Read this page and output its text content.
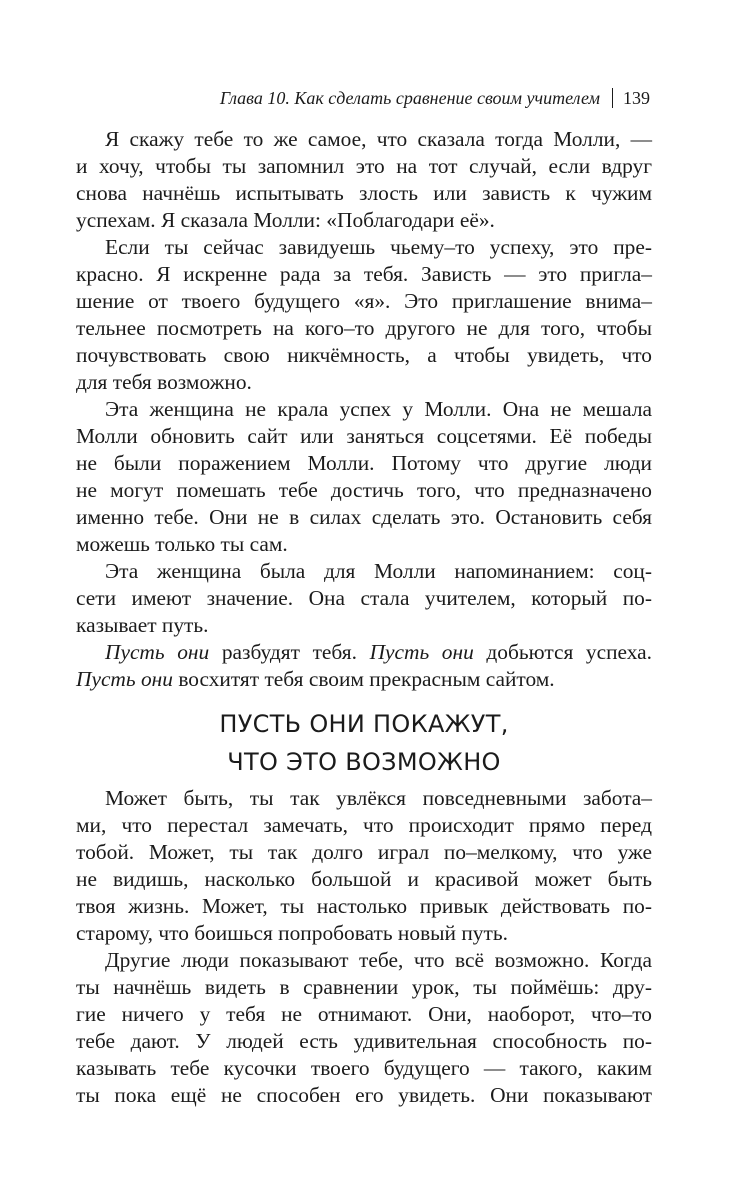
Глава 10. Как сделать сравнение своим учителем 139
Я скажу тебе то же самое, что сказала тогда Молли, —
и хочу, чтобы ты запомнил это на тот случай, если вдруг
снова начнёшь испытывать злость или зависть к чужим
успехам. Я сказала Молли: «Поблагодари её».
Если ты сейчас завидуешь чьему–то успеху, это пре-
красно. Я искренне рада за тебя. Зависть — это пригла–
шение от твоего будущего «я». Это приглашение внима–
тельнее посмотреть на кого–то другого не для того, чтобы
почувствовать свою никчёмность, а чтобы увидеть, что
для тебя возможно.
Эта женщина не крала успех у Молли. Она не мешала
Молли обновить сайт или заняться соцсетями. Её победы
не были поражением Молли. Потому что другие люди
не могут помешать тебе достичь того, что предназначено
именно тебе. Они не в силах сделать это. Остановить себя
можешь только ты сам.
Эта женщина была для Молли напоминанием: соц-
сети имеют значение. Она стала учителем, который по-
казывает путь.
Пусть они разбудят тебя. Пусть они добьются успеха.
Пусть они восхитят тебя своим прекрасным сайтом.
ПУСТЬ ОНИ ПОКАЖУТ,
ЧТО ЭТО ВОЗМОЖНО
Может быть, ты так увлёкся повседневными забота–
ми, что перестал замечать, что происходит прямо перед
тобой. Может, ты так долго играл по–мелкому, что уже
не видишь, насколько большой и красивой может быть
твоя жизнь. Может, ты настолько привык действовать по-
старому, что боишься попробовать новый путь.
Другие люди показывают тебе, что всё возможно. Когда
ты начнёшь видеть в сравнении урок, ты поймёшь: дру-
гие ничего у тебя не отнимают. Они, наоборот, что–то
тебе дают. У людей есть удивительная способность по-
казывать тебе кусочки твоего будущего — такого, каким
ты пока ещё не способен его увидеть. Они показывают
